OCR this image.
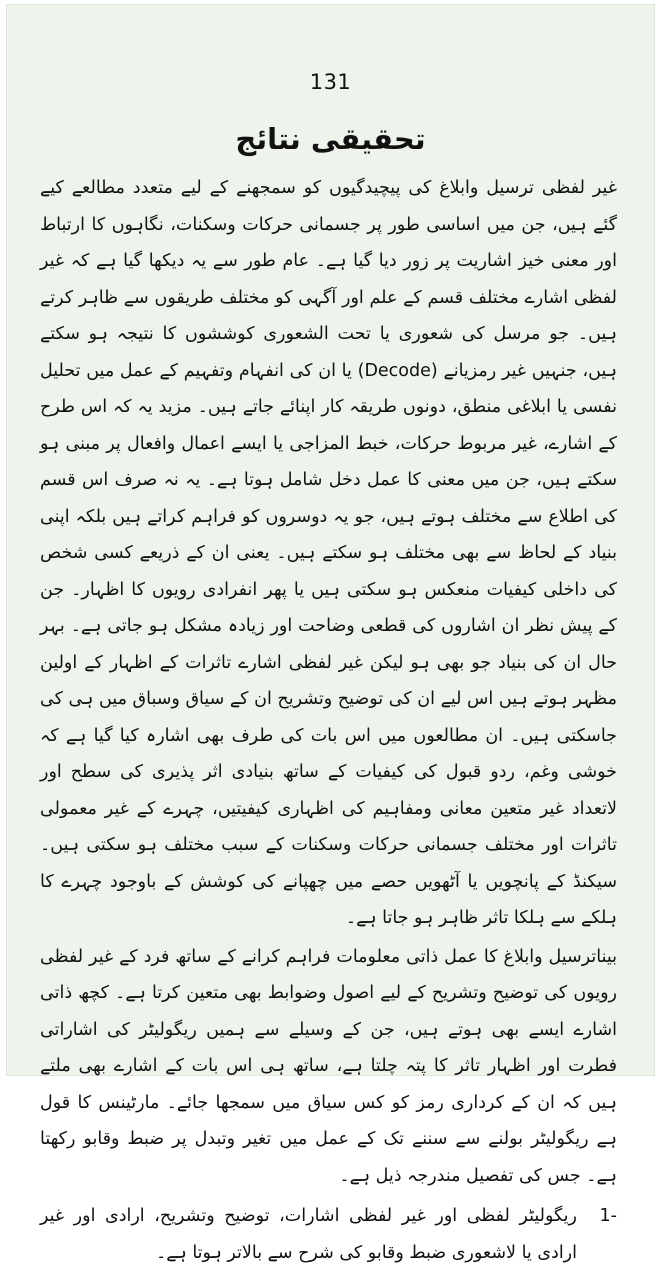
131
تحقیقی نتائج

غیر لفظی ترسیل وابلاغ کی پیچیدگیوں کو سمجھنے کے لیے متعدد مطالعے کیے گئے ہیں، جن میں اساسی طور پر جسمانی حرکات وسکنات، نگاہوں کا ارتباط اور معنی خیز اشاریت پر زور دیا گیا ہے۔ عام طور سے یہ دیکھا گیا ہے کہ غیر لفظی اشارے مختلف قسم کے علم اور آگہی کو مختلف طریقوں سے ظاہر کرتے ہیں۔ جو مرسل کی شعوری یا تحت الشعوری کوششوں کا نتیجہ ہو سکتے ہیں، جنہیں غیر رمزیانے (Decode) یا ان کی انفہام وتفہیم کے عمل میں تحلیل نفسی یا ابلاغی منطق، دونوں طریقہ کار اپنائے جاتے ہیں۔ مزید یہ کہ اس طرح کے اشارے، غیر مربوط حرکات، خبط المزاجی یا ایسے اعمال وافعال پر مبنی ہو سکتے ہیں، جن میں معنی کا عمل دخل شامل ہوتا ہے۔ یہ نہ صرف اس قسم کی اطلاع سے مختلف ہوتے ہیں، جو یہ دوسروں کو فراہم کراتے ہیں بلکہ اپنی بنیاد کے لحاظ سے بھی مختلف ہو سکتے ہیں۔ یعنی ان کے ذریعے کسی شخص کی داخلی کیفیات منعکس ہو سکتی ہیں یا پھر انفرادی رویوں کا اظہار۔ جن کے پیش نظر ان اشاروں کی قطعی وضاحت اور زیادہ مشکل ہو جاتی ہے۔ بہر حال ان کی بنیاد جو بھی ہو لیکن غیر لفظی اشارے تاثرات کے اظہار کے اولین مظہر ہوتے ہیں اس لیے ان کی توضیح وتشریح ان کے سیاق وسباق میں ہی کی جاسکتی ہیں۔ ان مطالعوں میں اس بات کی طرف بھی اشارہ کیا گیا ہے کہ خوشی وغم، ردو قبول کی کیفیات کے ساتھ بنیادی اثر پذیری کی سطح اور لاتعداد غیر متعین معانی ومفاہیم کی اظہاری کیفیتیں، چہرے کے غیر معمولی تاثرات اور مختلف جسمانی حرکات وسکنات کے سبب مختلف ہو سکتی ہیں۔ سیکنڈ کے پانچویں یا آٹھویں حصے میں چھپانے کی کوشش کے باوجود چہرے کا ہلکے سے ہلکا تاثر ظاہر ہو جاتا ہے۔

بیناترسیل وابلاغ کا عمل ذاتی معلومات فراہم کرانے کے ساتھ فرد کے غیر لفظی رویوں کی توضیح وتشریح کے لیے اصول وضوابط بھی متعین کرتا ہے۔ کچھ ذاتی اشارے ایسے بھی ہوتے ہیں، جن کے وسیلے سے ہمیں ریگولیٹر کی اشاراتی فطرت اور اظہار تاثر کا پتہ چلتا ہے، ساتھ ہی اس بات کے اشارے بھی ملتے ہیں کہ ان کے کرداری رمز کو کس سیاق میں سمجھا جائے۔ مارٹینس کا قول ہے ریگولیٹر بولنے سے سننے تک کے عمل میں تغیر وتبدل پر ضبط وقابو رکھتا ہے۔ جس کی تفصیل مندرجہ ذیل ہے۔

-1
ریگولیٹر لفظی اور غیر لفظی اشارات، توضیح وتشریح، ارادی اور غیر ارادی یا لاشعوری ضبط وقابو کی شرح سے بالاتر ہوتا ہے۔
